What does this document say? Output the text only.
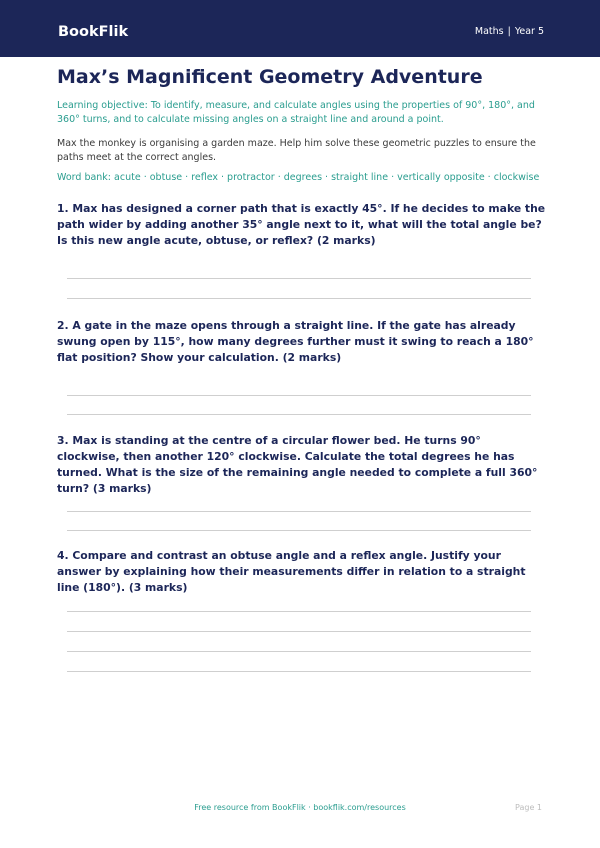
BookFlik	Maths | Year 5
Max’s Magnificent Geometry Adventure
Learning objective: To identify, measure, and calculate angles using the properties of 90°, 180°, and 360° turns, and to calculate missing angles on a straight line and around a point.
Max the monkey is organising a garden maze. Help him solve these geometric puzzles to ensure the paths meet at the correct angles.
Word bank: acute · obtuse · reflex · protractor · degrees · straight line · vertically opposite · clockwise
1. Max has designed a corner path that is exactly 45°. If he decides to make the path wider by adding another 35° angle next to it, what will the total angle be? Is this new angle acute, obtuse, or reflex? (2 marks)
2. A gate in the maze opens through a straight line. If the gate has already swung open by 115°, how many degrees further must it swing to reach a 180° flat position? Show your calculation. (2 marks)
3. Max is standing at the centre of a circular flower bed. He turns 90° clockwise, then another 120° clockwise. Calculate the total degrees he has turned. What is the size of the remaining angle needed to complete a full 360° turn? (3 marks)
4. Compare and contrast an obtuse angle and a reflex angle. Justify your answer by explaining how their measurements differ in relation to a straight line (180°). (3 marks)
Free resource from BookFlik · bookflik.com/resources	Page 1
